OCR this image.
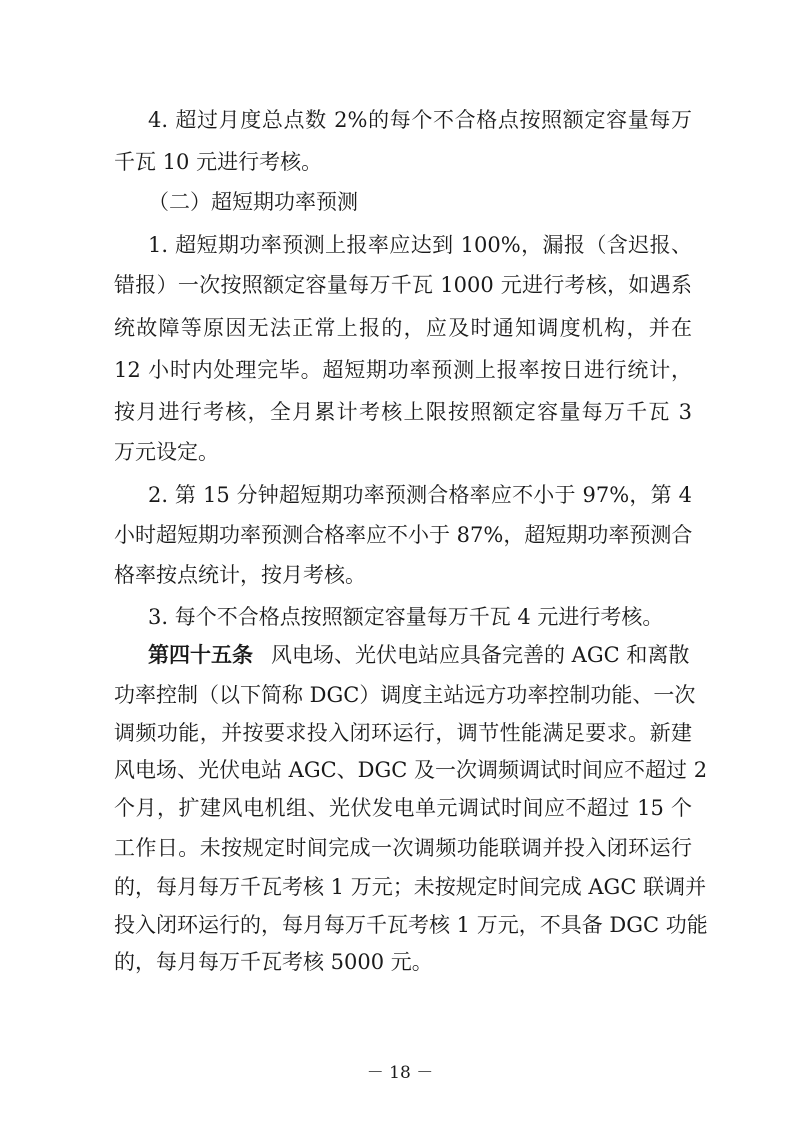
4. 超过月度总点数 2%的每个不合格点按照额定容量每万
千瓦 10 元进行考核。
（二）超短期功率预测
1. 超短期功率预测上报率应达到 100%，漏报（含迟报、
错报）一次按照额定容量每万千瓦 1000 元进行考核，如遇系
统故障等原因无法正常上报的，应及时通知调度机构，并在
12 小时内处理完毕。超短期功率预测上报率按日进行统计，
按月进行考核，全月累计考核上限按照额定容量每万千瓦 3
万元设定。
2. 第 15 分钟超短期功率预测合格率应不小于 97%，第 4
小时超短期功率预测合格率应不小于 87%，超短期功率预测合
格率按点统计，按月考核。
3. 每个不合格点按照额定容量每万千瓦 4 元进行考核。
第四十五条 风电场、光伏电站应具备完善的 AGC 和离散
功率控制（以下简称 DGC）调度主站远方功率控制功能、一次
调频功能，并按要求投入闭环运行，调节性能满足要求。新建
风电场、光伏电站 AGC、DGC 及一次调频调试时间应不超过 2
个月，扩建风电机组、光伏发电单元调试时间应不超过 15 个
工作日。未按规定时间完成一次调频功能联调并投入闭环运行
的，每月每万千瓦考核 1 万元；未按规定时间完成 AGC 联调并
投入闭环运行的，每月每万千瓦考核 1 万元，不具备 DGC 功能
的，每月每万千瓦考核 5000 元。
－ 18 －
